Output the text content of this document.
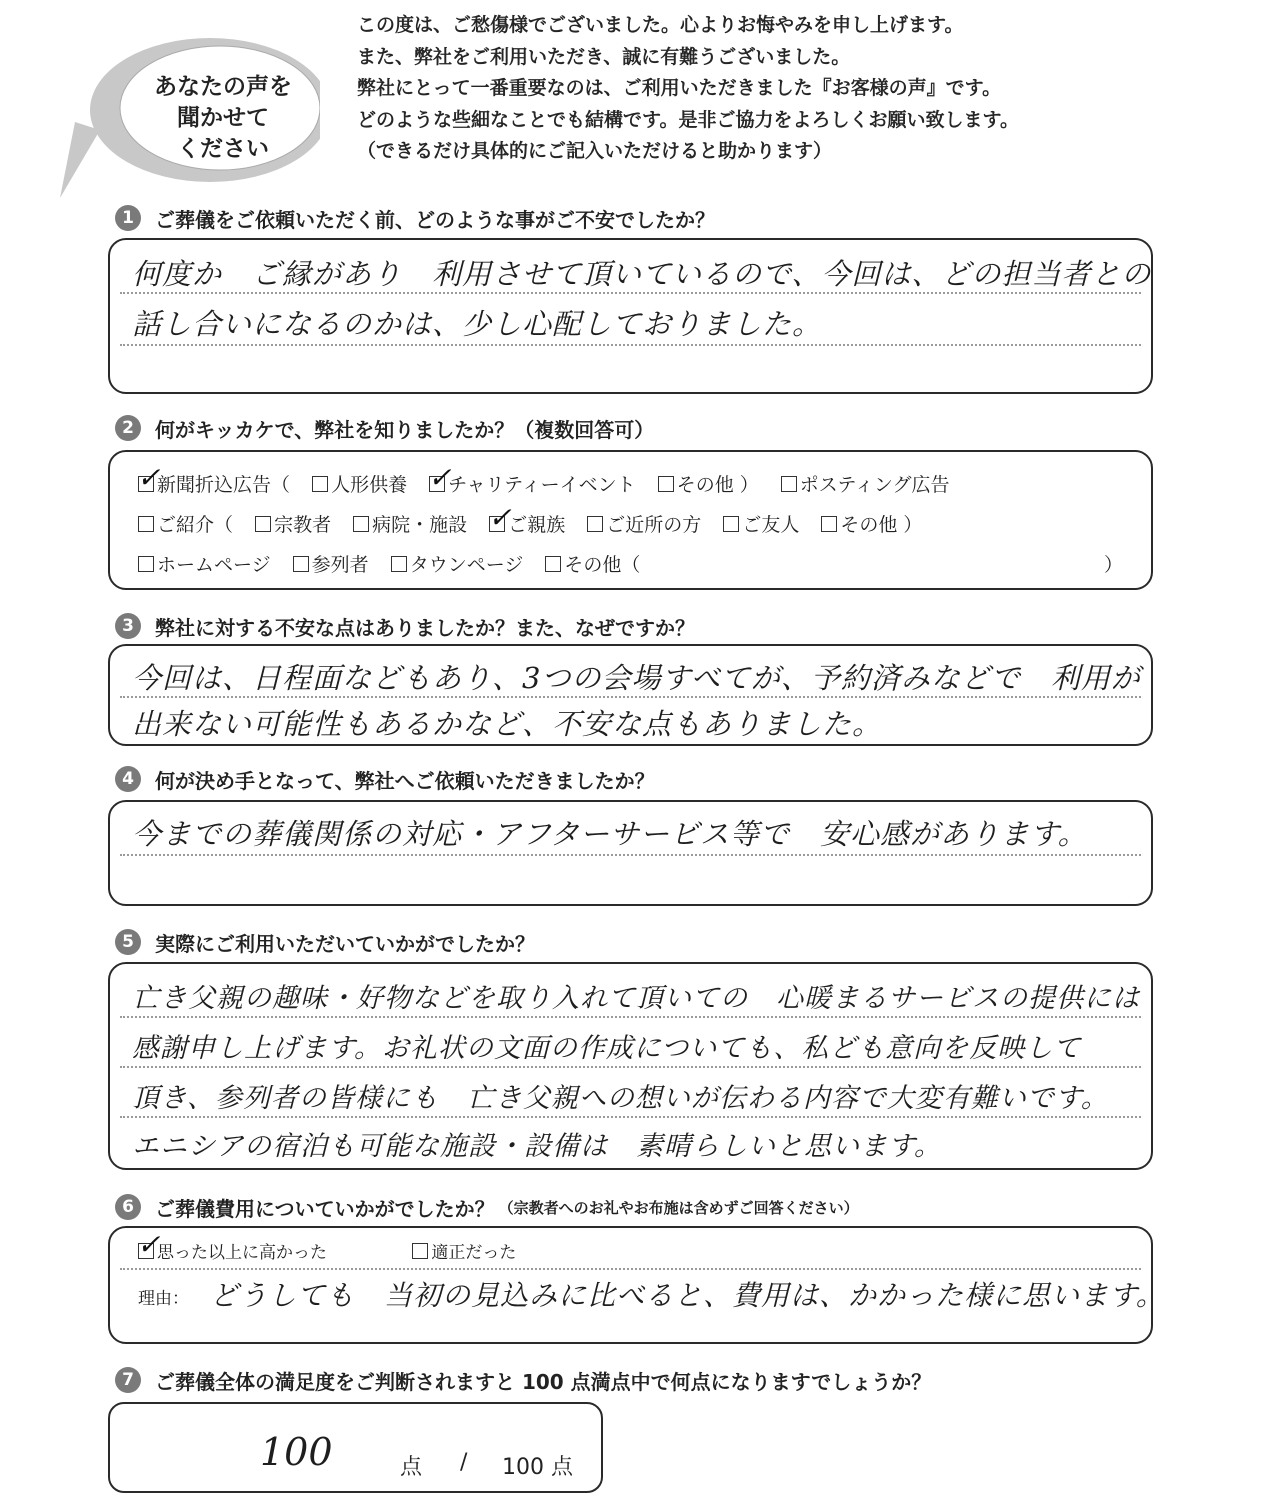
あなたの声を
聞かせて
ください
この度は、ご愁傷様でございました。心よりお悔やみを申し上げます。
また、弊社をご利用いただき、誠に有難うございました。
弊社にとって一番重要なのは、ご利用いただきました『お客様の声』です。
どのような些細なことでも結構です。是非ご協力をよろしくお願い致します。
（できるだけ具体的にご記入いただけると助かります）
1	ご葬儀をご依頼いただく前、どのような事がご不安でしたか？
何度か　ご縁があり　利用させて頂いているので、今回は、どの担当者との
話し合いになるのかは、少し心配しておりました。
2	何がキッカケで、弊社を知りましたか？（複数回答可）
✓
新聞折込広告（ 人形供養 ✓
チャリティーイベント その他 ） ポスティング広告
ご紹介（ 宗教者 病院・施設 ✓
ご親族 ご近所の方 ご友人 その他 ）
ホームページ 参列者 タウンページ その他（	）
3	弊社に対する不安な点はありましたか？また、なぜですか？
今回は、日程面などもあり、3つの会場すべてが、予約済みなどで　利用が
出来ない可能性もあるかなど、不安な点もありました。
4	何が決め手となって、弊社へご依頼いただきましたか？
今までの葬儀関係の対応・アフターサービス等で　安心感があります。
5	実際にご利用いただいていかがでしたか？
亡き父親の趣味・好物などを取り入れて頂いての　心暖まるサービスの提供には
感謝申し上げます。お礼状の文面の作成についても、私ども意向を反映して
頂き、参列者の皆様にも　亡き父親への想いが伝わる内容で大変有難いです。
エニシアの宿泊も可能な施設・設備は　素晴らしいと思います。
6	ご葬儀費用についていかがでしたか？ （宗教者へのお礼やお布施は含めずご回答ください）
✓
思った以上に高かった	適正だった
理由： どうしても　当初の見込みに比べると、費用は、かかった様に思います。
7	ご葬儀全体の満足度をご判断されますと 100 点満点中で何点になりますでしょうか？
100	点 / 100 点
